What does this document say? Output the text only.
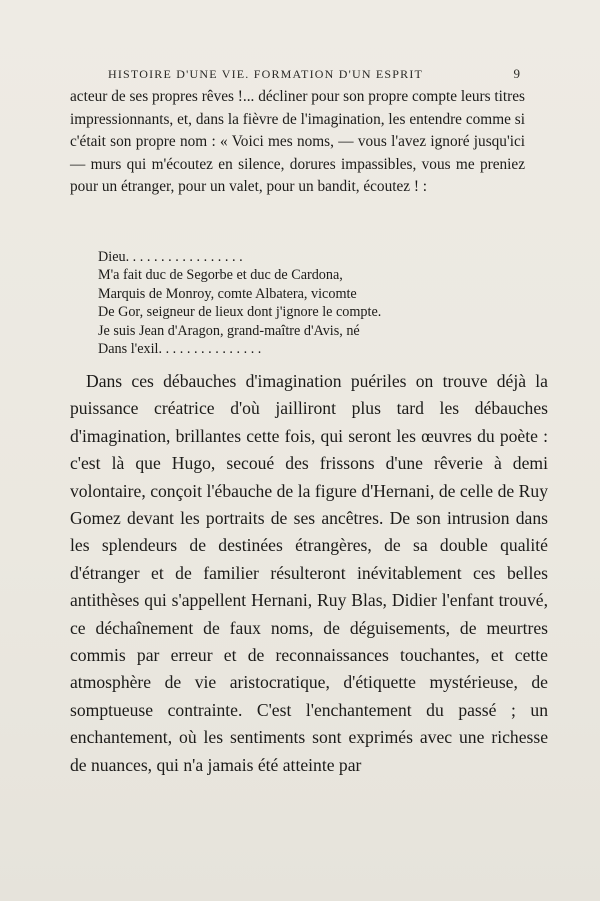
HISTOIRE D'UNE VIE. FORMATION D'UN ESPRIT	9

acteur de ses propres rêves !... décliner pour son propre compte leurs titres impressionnants, et, dans la fièvre de l'imagination, les entendre comme si c'était son propre nom : « Voici mes noms, — vous l'avez ignoré jusqu'ici — murs qui m'écoutez en silence, dorures impassibles, vous me preniez pour un étranger, pour un valet, pour un bandit, écoutez ! :

Dieu. . . . . . . . . . . . . . . . .
M'a fait duc de Segorbe et duc de Cardona,
Marquis de Monroy, comte Albatera, vicomte
De Gor, seigneur de lieux dont j'ignore le compte.
Je suis Jean d'Aragon, grand-maître d'Avis, né
Dans l'exil. . . . . . . . . . . . . . .

Dans ces débauches d'imagination puériles on trouve déjà la puissance créatrice d'où jailliront plus tard les débauches d'imagination, brillantes cette fois, qui seront les œuvres du poète : c'est là que Hugo, secoué des frissons d'une rêverie à demi volontaire, conçoit l'ébauche de la figure d'Hernani, de celle de Ruy Gomez devant les portraits de ses ancêtres. De son intrusion dans les splendeurs de destinées étrangères, de sa double qualité d'étranger et de familier résulteront inévitablement ces belles antithèses qui s'appellent Hernani, Ruy Blas, Didier l'enfant trouvé, ce déchaînement de faux noms, de déguisements, de meurtres commis par erreur et de reconnaissances touchantes, et cette atmosphère de vie aristocratique, d'étiquette mystérieuse, de somptueuse contrainte. C'est l'enchantement du passé ; un enchantement, où les sentiments sont exprimés avec une richesse de nuances, qui n'a jamais été atteinte par
